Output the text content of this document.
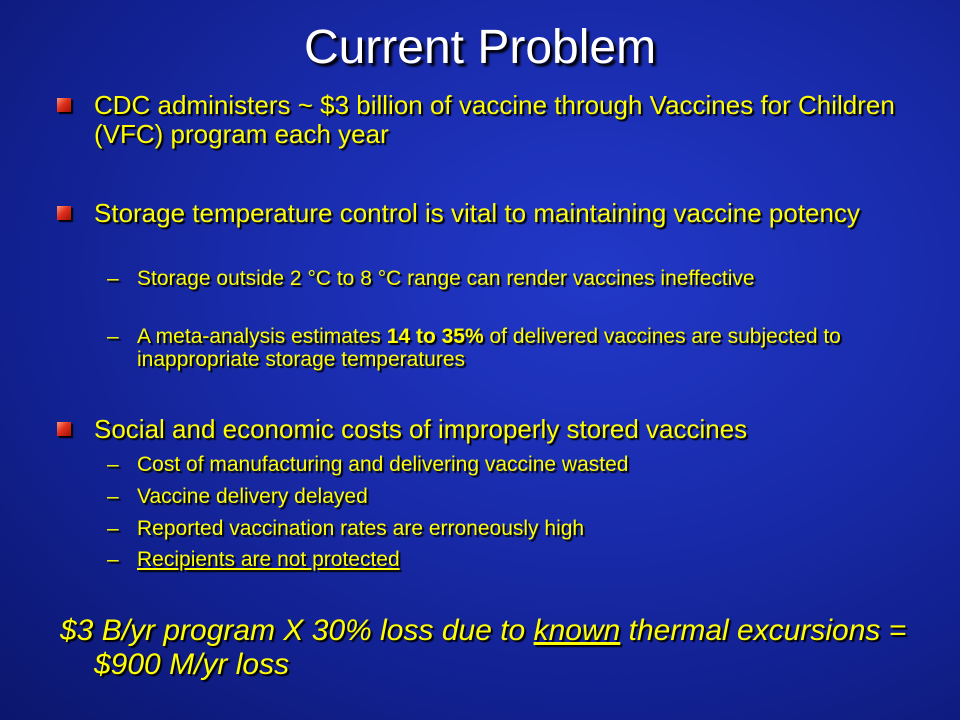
Current Problem
CDC administers ~ $3 billion of vaccine through Vaccines for Children (VFC) program each year
Storage temperature control is vital to maintaining vaccine potency
– Storage outside 2 °C to 8 °C range can render vaccines ineffective
– A meta-analysis estimates 14 to 35% of delivered vaccines are subjected to inappropriate storage temperatures
Social and economic costs of improperly stored vaccines
– Cost of manufacturing and delivering vaccine wasted
– Vaccine delivery delayed
– Reported vaccination rates are erroneously high
– Recipients are not protected
$3 B/yr program X 30% loss due to known thermal excursions = $900 M/yr loss
